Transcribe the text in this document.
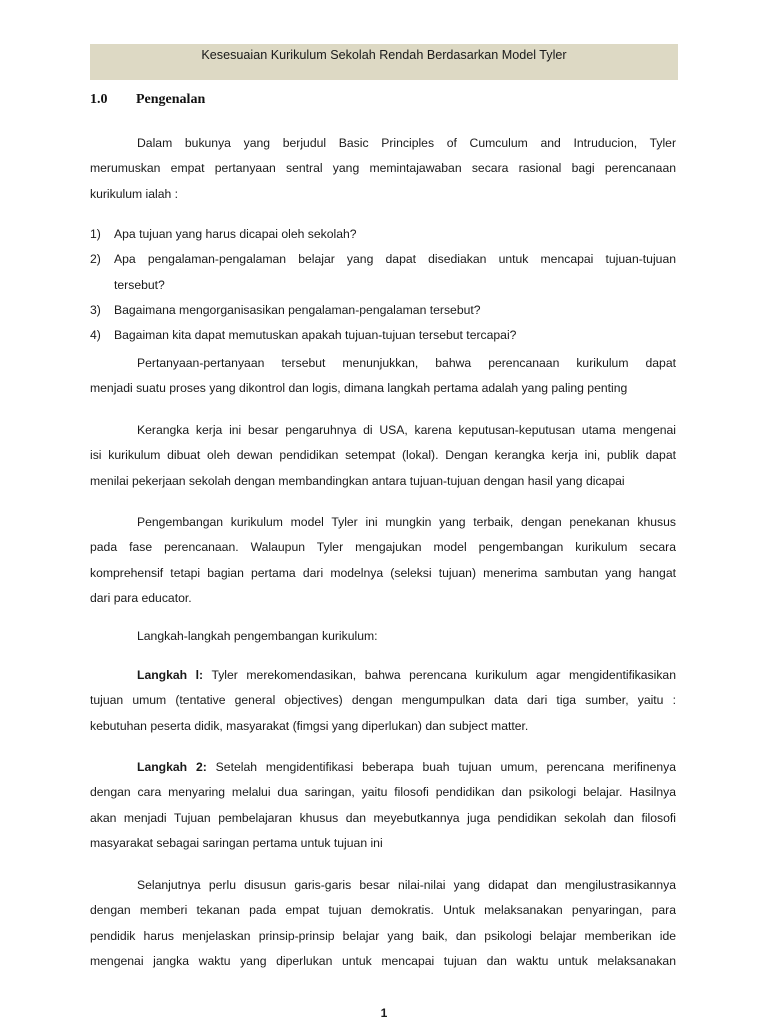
Kesesuaian Kurikulum Sekolah Rendah Berdasarkan Model Tyler
1.0 Pengenalan
Dalam bukunya yang berjudul Basic Principles of Cumculum and Intruducion, Tyler
merumuskan empat pertanyaan sentral yang memintajawaban secara rasional bagi perencanaan
kurikulum ialah :
1) Apa tujuan yang harus dicapai oleh sekolah?
2) Apa pengalaman-pengalaman belajar yang dapat disediakan untuk mencapai tujuan-tujuan
tersebut?
3) Bagaimana mengorganisasikan pengalaman-pengalaman tersebut?
4) Bagaiman kita dapat memutuskan apakah tujuan-tujuan tersebut tercapai?
Pertanyaan-pertanyaan tersebut menunjukkan, bahwa perencanaan kurikulum dapat
menjadi suatu proses yang dikontrol dan logis, dimana langkah pertama adalah yang paling penting
Kerangka kerja ini besar pengaruhnya di USA, karena keputusan-keputusan utama mengenai
isi kurikulum dibuat oleh dewan pendidikan setempat (lokal). Dengan kerangka kerja ini, publik dapat
menilai pekerjaan sekolah dengan membandingkan antara tujuan-tujuan dengan hasil yang dicapai
Pengembangan kurikulum model Tyler ini mungkin yang terbaik, dengan penekanan khusus
pada fase perencanaan. Walaupun Tyler mengajukan model pengembangan kurikulum secara
komprehensif tetapi bagian pertama dari modelnya (seleksi tujuan) menerima sambutan yang hangat
dari para educator.
Langkah-langkah pengembangan kurikulum:
Langkah l: Tyler merekomendasikan, bahwa perencana kurikulum agar mengidentifikasikan
tujuan umum (tentative general objectives) dengan mengumpulkan data dari tiga sumber, yaitu :
kebutuhan peserta didik, masyarakat (fimgsi yang diperlukan) dan subject matter.
Langkah 2: Setelah mengidentifikasi beberapa buah tujuan umum, perencana merifinenya
dengan cara menyaring melalui dua saringan, yaitu filosofi pendidikan dan psikologi belajar. Hasilnya
akan menjadi Tujuan pembelajaran khusus dan meyebutkannya juga pendidikan sekolah dan filosofi
masyarakat sebagai saringan pertama untuk tujuan ini
Selanjutnya perlu disusun garis-garis besar nilai-nilai yang didapat dan mengilustrasikannya
dengan memberi tekanan pada empat tujuan demokratis. Untuk melaksanakan penyaringan, para
pendidik harus menjelaskan prinsip-prinsip belajar yang baik, dan psikologi belajar memberikan ide
mengenai jangka waktu yang diperlukan untuk mencapai tujuan dan waktu untuk melaksanakan
1
